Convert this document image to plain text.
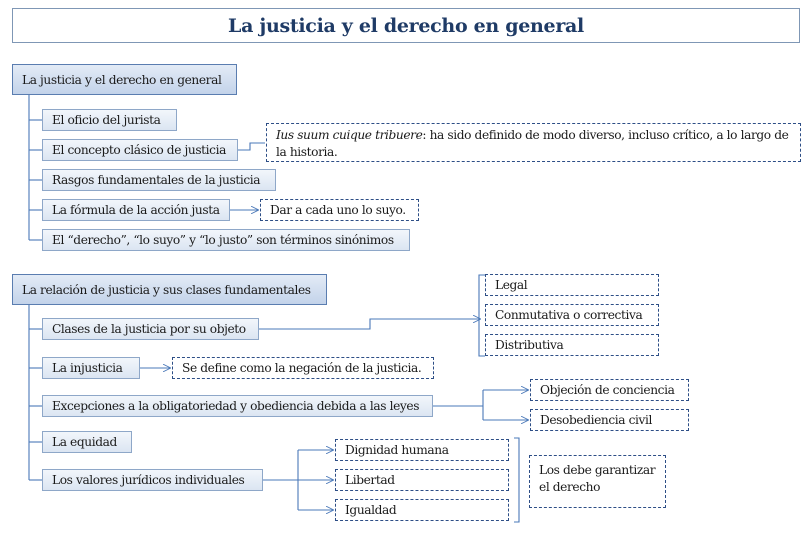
La justicia y el derecho en general
La justicia y el derecho en general
El oficio del jurista
El concepto clásico de justicia
Rasgos fundamentales de la justicia
La fórmula de la acción justa
El “derecho”, “lo suyo” y “lo justo” son términos sinónimos
Ius suum cuique tribuere: ha sido definido de modo diverso, incluso crítico, a lo largo de la historia.
Dar a cada uno lo suyo.
La relación de justicia y sus clases fundamentales
Clases de la justicia por su objeto
La injusticia
Excepciones a la obligatoriedad y obediencia debida a las leyes
La equidad
Los valores jurídicos individuales
Legal
Conmutativa o correctiva
Distributiva
Se define como la negación de la justicia.
Objeción de conciencia
Desobediencia civil
Dignidad humana
Libertad
Igualdad
Los debe garantizar el derecho
